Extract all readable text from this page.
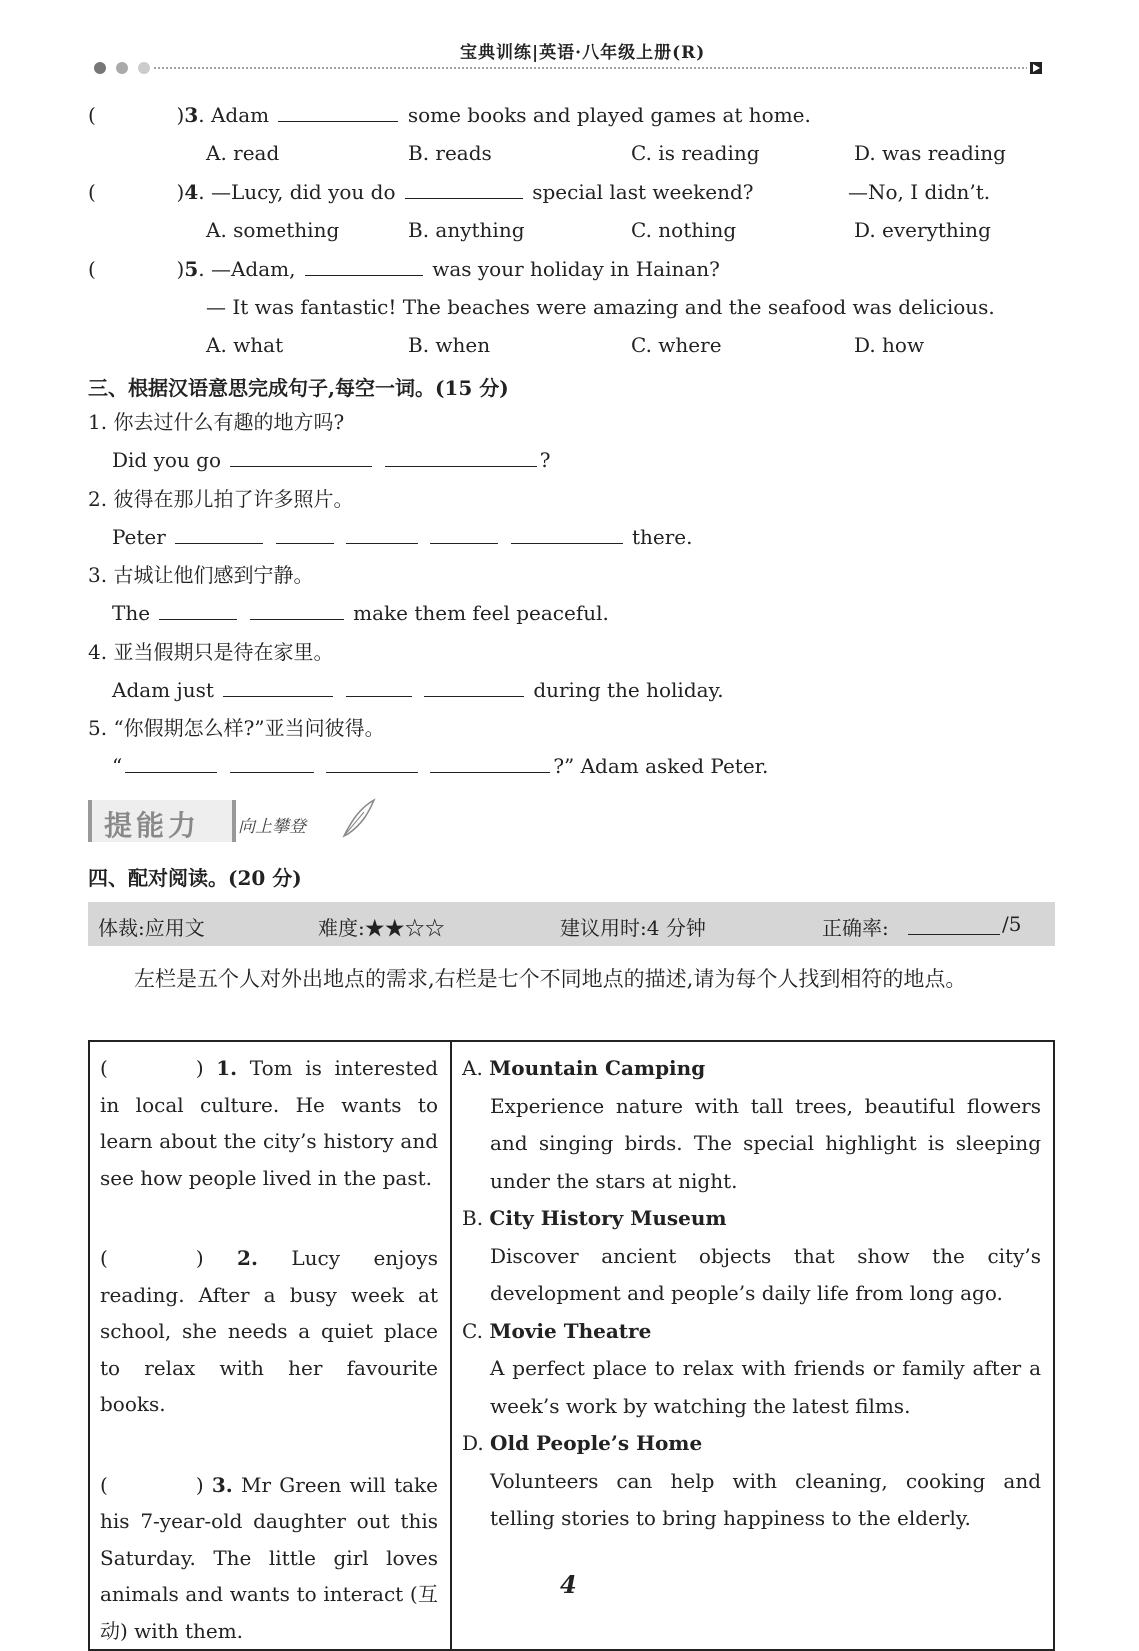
宝典训练|英语·八年级上册(R)
(	)3. Adam	some books and played games at home.
A. read	B. reads	C. is reading	D. was reading
(	)4. —Lucy, did you do	special last weekend?	—No, I didn’t.
A. something	B. anything	C. nothing	D. everything
(	)5. —Adam,	was your holiday in Hainan?
— It was fantastic! The beaches were amazing and the seafood was delicious.
A. what	B. when	C. where	D. how
三、根据汉语意思完成句子,每空一词。(15 分)
1. 你去过什么有趣的地方吗?
Did you go	?
2. 彼得在那儿拍了许多照片。
Peter	there.
3. 古城让他们感到宁静。
The	make them feel peaceful.
4. 亚当假期只是待在家里。
Adam just	during the holiday.
5. “你假期怎么样?”亚当问彼得。
“	?” Adam asked Peter.
提能力 向上攀登
四、配对阅读。(20 分)
体裁:应用文	难度:★★☆☆	建议用时:4 分钟	正确率:	/5
左栏是五个人对外出地点的需求,右栏是七个不同地点的描述,请为每个人找到相符的地点。
(	) 1. Tom is interested in local culture. He wants to learn about the city’s history and see how people lived in the past.
(	) 2. Lucy enjoys reading. After a busy week at school, she needs a quiet place to relax with her favourite books.
(	) 3. Mr Green will take his 7-year-old daughter out this Saturday. The little girl loves animals and wants to interact (互动) with them.

A. Mountain Camping
Experience nature with tall trees, beautiful flowers and singing birds. The special highlight is sleeping under the stars at night.
B. City History Museum
Discover ancient objects that show the city’s development and people’s daily life from long ago.
C. Movie Theatre
A perfect place to relax with friends or family after a week’s work by watching the latest films.
D. Old People’s Home
Volunteers can help with cleaning, cooking and telling stories to bring happiness to the elderly.
4
